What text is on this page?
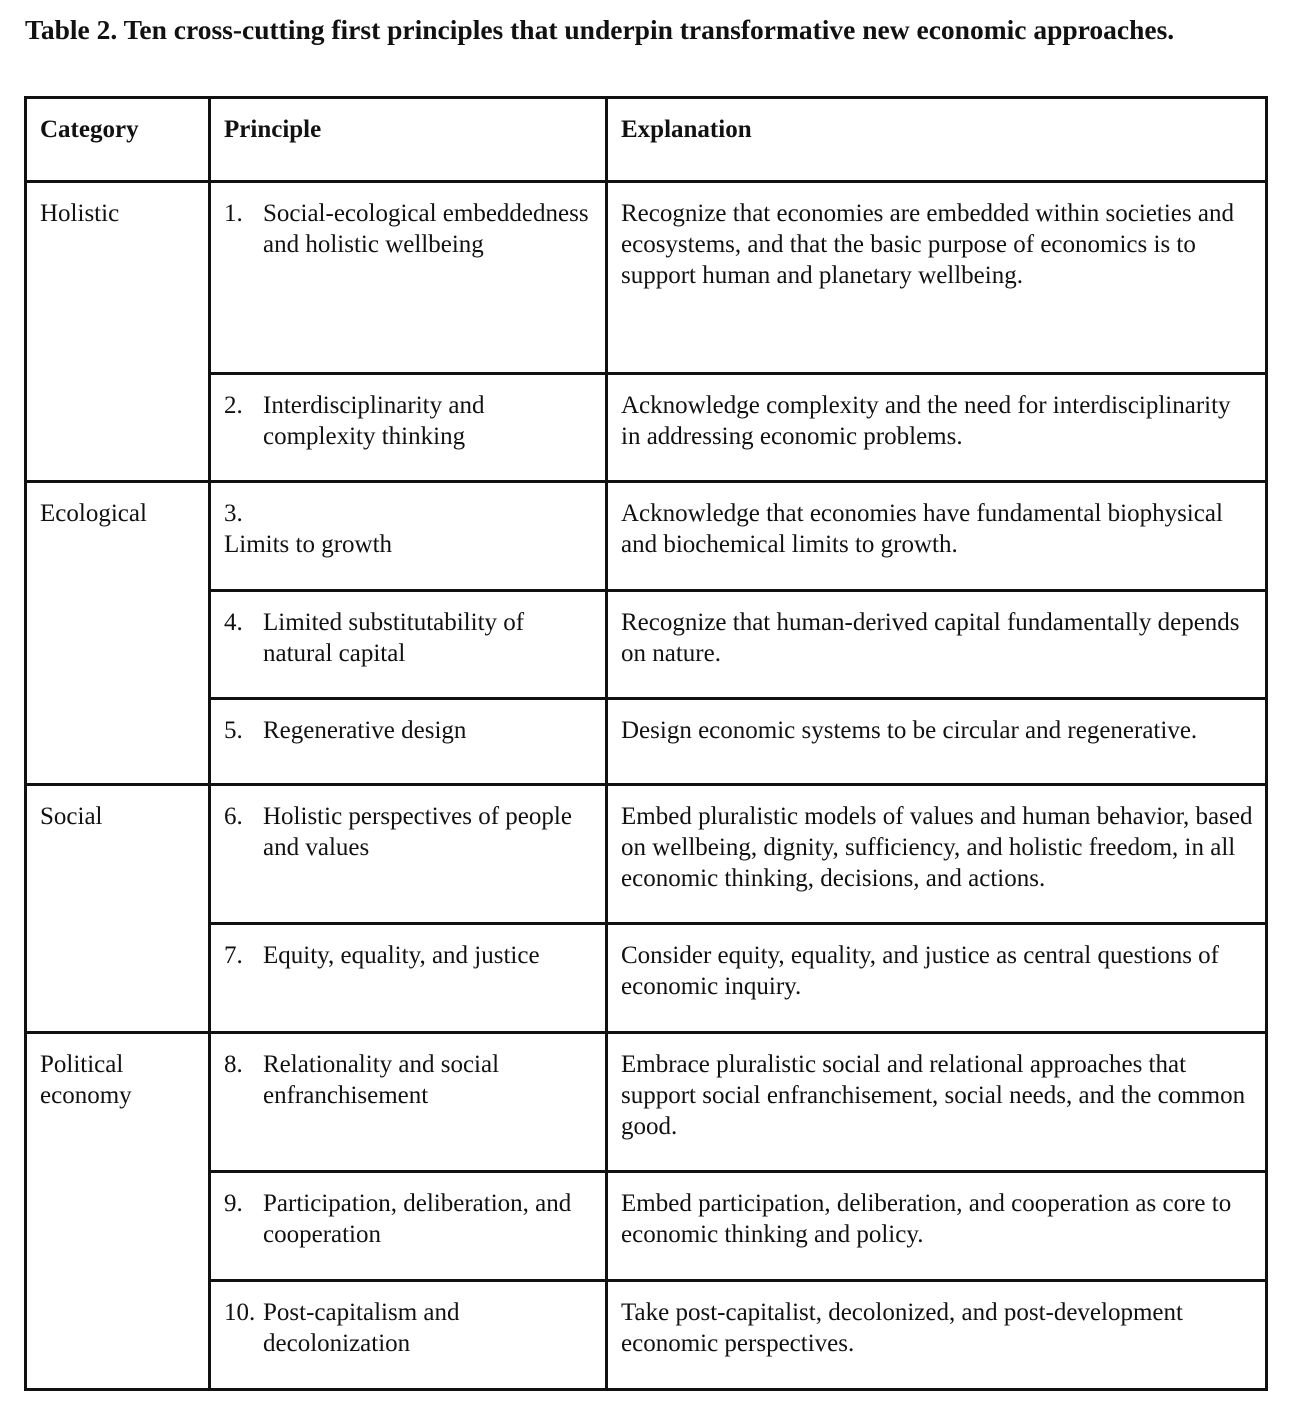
Table 2. Ten cross-cutting first principles that underpin transformative new economic approaches.

Category	Principle	Explanation
Holistic	1. Social-ecological embeddedness and holistic wellbeing	Recognize that economies are embedded within societies and ecosystems, and that the basic purpose of economics is to support human and planetary wellbeing.
	2. Interdisciplinarity and complexity thinking	Acknowledge complexity and the need for interdisciplinarity in addressing economic problems.
Ecological	3.Limits to growth	Acknowledge that economies have fundamental biophysical and biochemical limits to growth.
	4. Limited substitutability of natural capital	Recognize that human-derived capital fundamentally depends on nature.
	5. Regenerative design	Design economic systems to be circular and regenerative.
Social	6. Holistic perspectives of people and values	Embed pluralistic models of values and human behavior, based on wellbeing, dignity, sufficiency, and holistic freedom, in all economic thinking, decisions, and actions.
	7. Equity, equality, and justice	Consider equity, equality, and justice as central questions of economic inquiry.
Political economy	8. Relationality and social enfranchisement	Embrace pluralistic social and relational approaches that support social enfranchisement, social needs, and the common good.
	9. Participation, deliberation, and cooperation	Embed participation, deliberation, and cooperation as core to economic thinking and policy.
	10. Post-capitalism and decolonization	Take post-capitalist, decolonized, and post-development economic perspectives.
